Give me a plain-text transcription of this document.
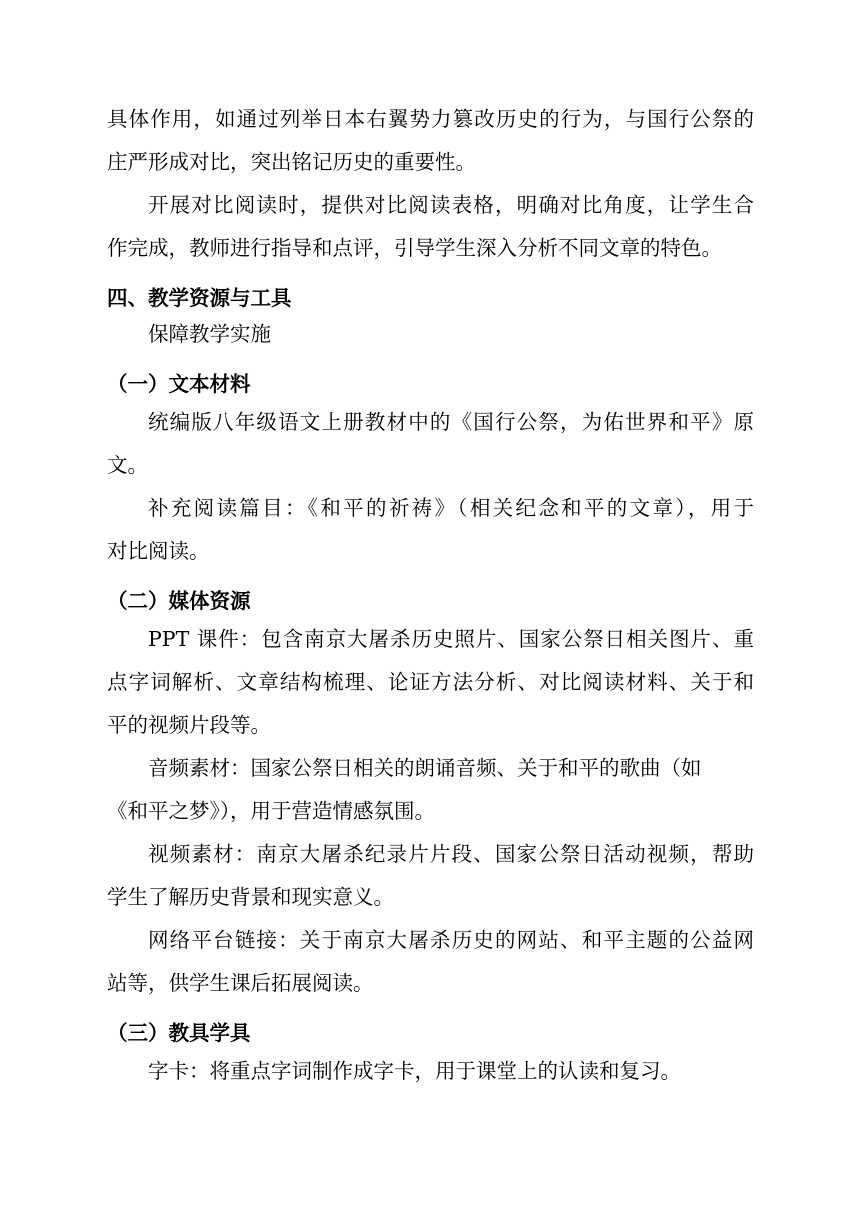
具体作用，如通过列举日本右翼势力篡改历史的行为，与国行公祭的
庄严形成对比，突出铭记历史的重要性。
开展对比阅读时，提供对比阅读表格，明确对比角度，让学生合
作完成，教师进行指导和点评，引导学生深入分析不同文章的特色。
四、教学资源与工具
保障教学实施
（一）文本材料
统编版八年级语文上册教材中的《国行公祭，为佑世界和平》原
文。
补充阅读篇目：《和平的祈祷》（相关纪念和平的文章），用于
对比阅读。
（二）媒体资源
PPT 课件：包含南京大屠杀历史照片、国家公祭日相关图片、重
点字词解析、文章结构梳理、论证方法分析、对比阅读材料、关于和
平的视频片段等。
音频素材：国家公祭日相关的朗诵音频、关于和平的歌曲（如
《和平之梦》），用于营造情感氛围。
视频素材：南京大屠杀纪录片片段、国家公祭日活动视频，帮助
学生了解历史背景和现实意义。
网络平台链接：关于南京大屠杀历史的网站、和平主题的公益网
站等，供学生课后拓展阅读。
（三）教具学具
字卡：将重点字词制作成字卡，用于课堂上的认读和复习。
